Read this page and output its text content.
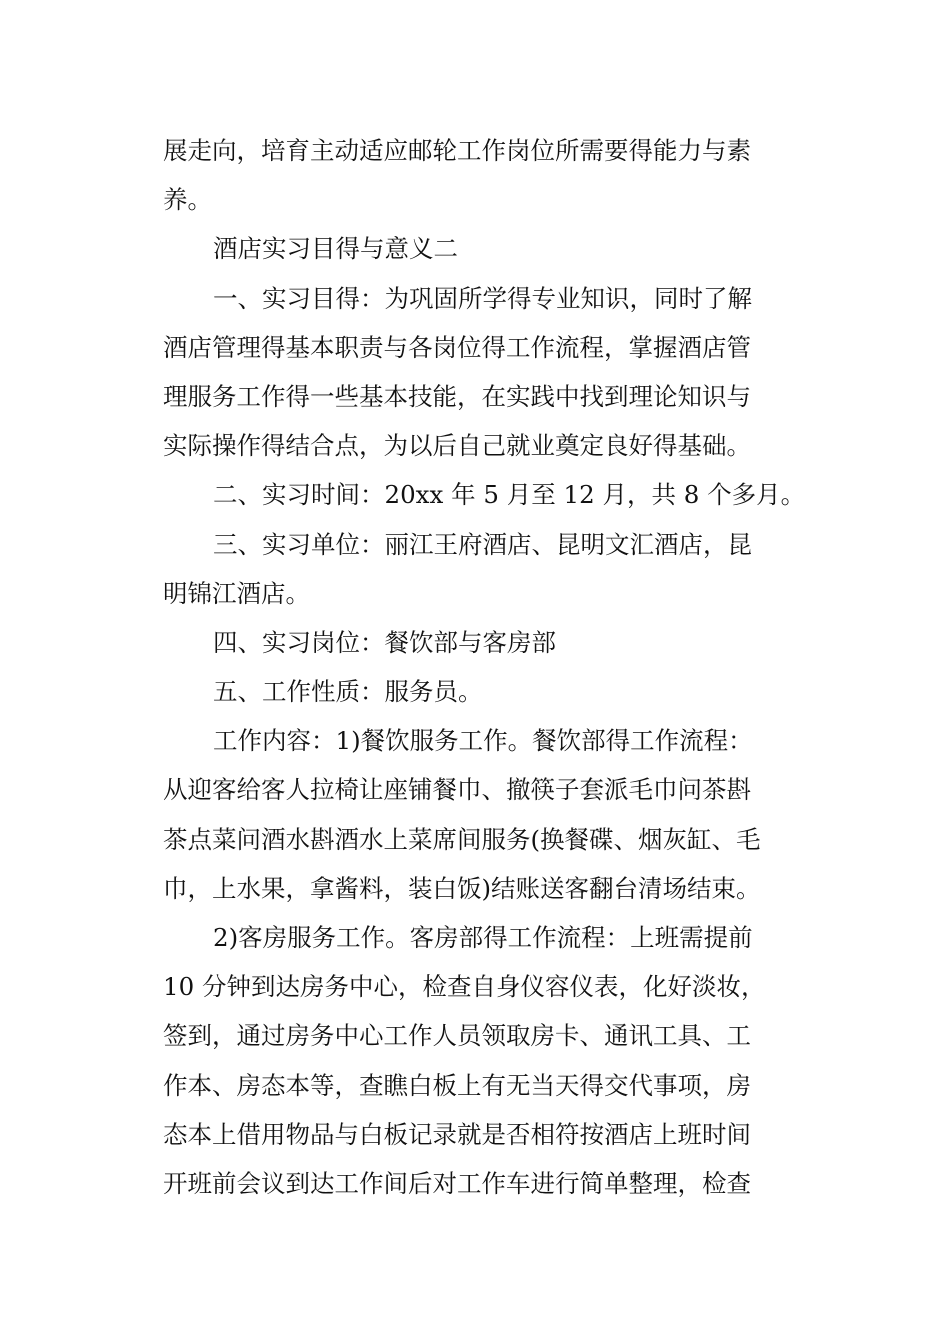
展走向，培育主动适应邮轮工作岗位所需要得能力与素
养。
酒店实习目得与意义二
一、实习目得：为巩固所学得专业知识，同时了解
酒店管理得基本职责与各岗位得工作流程，掌握酒店管
理服务工作得一些基本技能，在实践中找到理论知识与
实际操作得结合点，为以后自己就业奠定良好得基础。
二、实习时间：20xx 年 5 月至 12 月，共 8 个多月。
三、实习单位：丽江王府酒店、昆明文汇酒店，昆
明锦江酒店。
四、实习岗位：餐饮部与客房部
五、工作性质：服务员。
工作内容：1)餐饮服务工作。餐饮部得工作流程：
从迎客给客人拉椅让座铺餐巾、撤筷子套派毛巾问茶斟
茶点菜问酒水斟酒水上菜席间服务(换餐碟、烟灰缸、毛
巾，上水果，拿酱料，装白饭)结账送客翻台清场结束。
2)客房服务工作。客房部得工作流程：上班需提前
10 分钟到达房务中心，检查自身仪容仪表，化好淡妆，
签到，通过房务中心工作人员领取房卡、通讯工具、工
作本、房态本等，查瞧白板上有无当天得交代事项，房
态本上借用物品与白板记录就是否相符按酒店上班时间
开班前会议到达工作间后对工作车进行简单整理，检查
